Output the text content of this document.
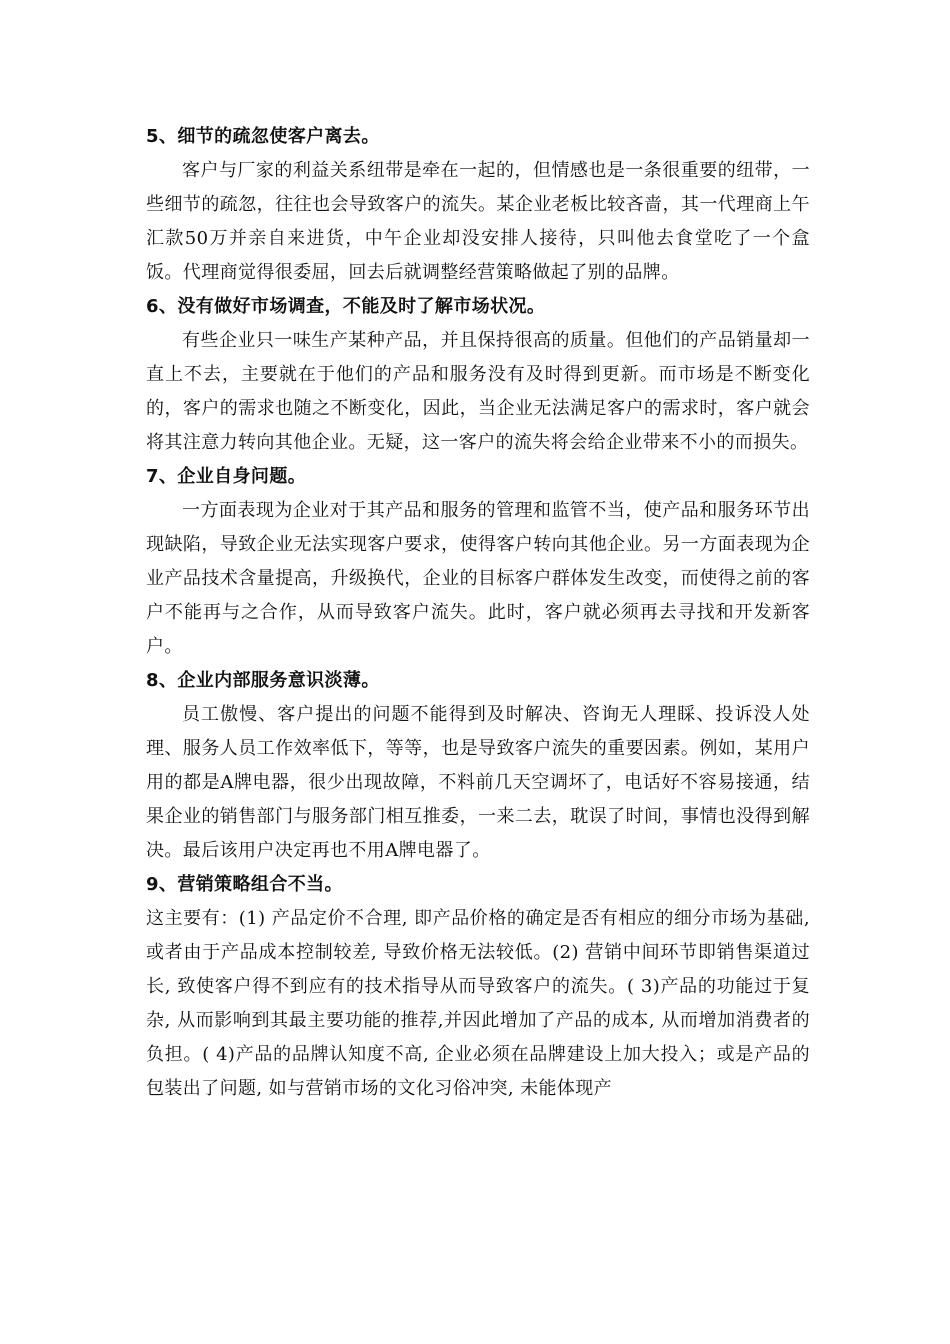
5、细节的疏忽使客户离去。

客户与厂家的利益关系纽带是牵在一起的，但情感也是一条很重要的纽带，一些细节的疏忽，往往也会导致客户的流失。某企业老板比较吝啬，其一代理商上午汇款50万并亲自来进货，中午企业却没安排人接待，只叫他去食堂吃了一个盒饭。代理商觉得很委屈，回去后就调整经营策略做起了别的品牌。

6、没有做好市场调查，不能及时了解市场状况。

有些企业只一味生产某种产品，并且保持很高的质量。但他们的产品销量却一直上不去，主要就在于他们的产品和服务没有及时得到更新。而市场是不断变化的，客户的需求也随之不断变化，因此，当企业无法满足客户的需求时，客户就会将其注意力转向其他企业。无疑，这一客户的流失将会给企业带来不小的而损失。

7、企业自身问题。

一方面表现为企业对于其产品和服务的管理和监管不当，使产品和服务环节出现缺陷，导致企业无法实现客户要求，使得客户转向其他企业。另一方面表现为企业产品技术含量提高，升级换代，企业的目标客户群体发生改变，而使得之前的客户不能再与之合作，从而导致客户流失。此时，客户就必须再去寻找和开发新客户。

8、企业内部服务意识淡薄。

员工傲慢、客户提出的问题不能得到及时解决、咨询无人理睬、投诉没人处理、服务人员工作效率低下，等等，也是导致客户流失的重要因素。例如，某用户用的都是A牌电器，很少出现故障，不料前几天空调坏了，电话好不容易接通，结果企业的销售部门与服务部门相互推委，一来二去，耽误了时间，事情也没得到解决。最后该用户决定再也不用A牌电器了。

9、营销策略组合不当。

这主要有：(1) 产品定价不合理, 即产品价格的确定是否有相应的细分市场为基础, 或者由于产品成本控制较差, 导致价格无法较低。(2) 营销中间环节即销售渠道过长, 致使客户得不到应有的技术指导从而导致客户的流失。( 3)产品的功能过于复杂, 从而影响到其最主要功能的推荐,并因此增加了产品的成本, 从而增加消费者的负担。( 4)产品的品牌认知度不高, 企业必须在品牌建设上加大投入；或是产品的包装出了问题, 如与营销市场的文化习俗冲突, 未能体现产
